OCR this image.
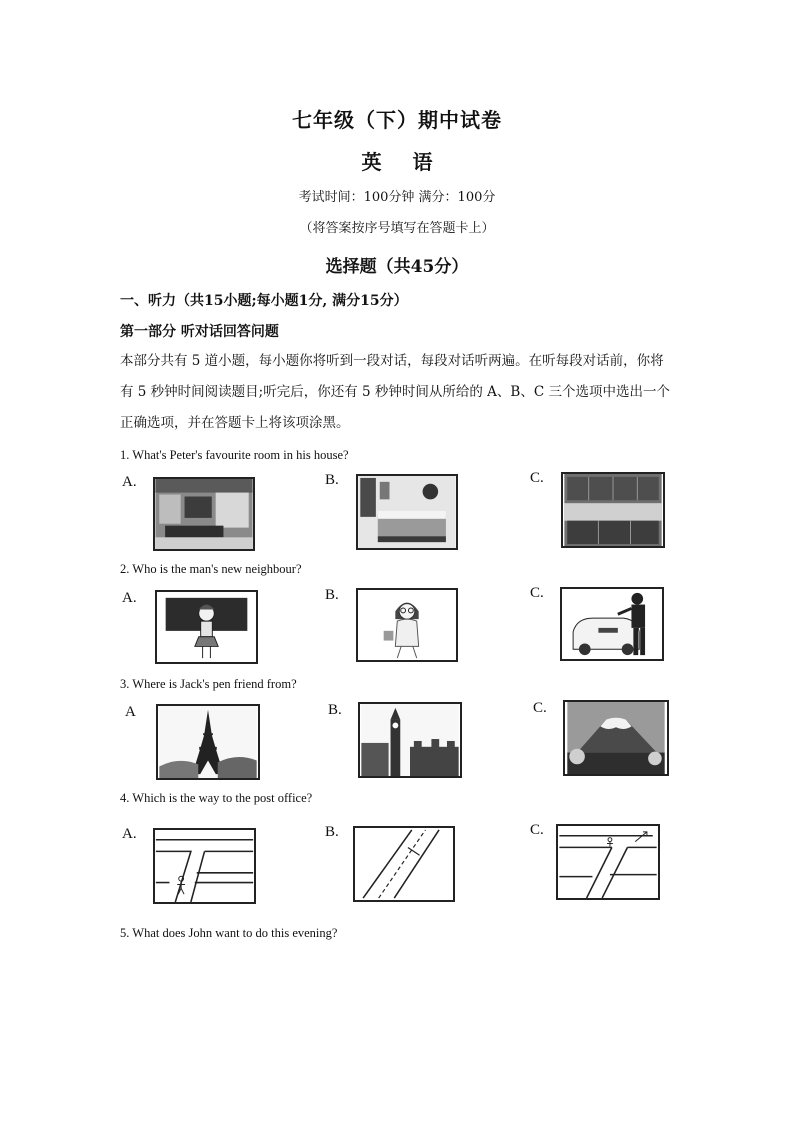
七年级（下）期中试卷
英 语
考试时间：100分钟 满分：100分
（将答案按序号填写在答题卡上）
选择题（共45分）
一、听力（共15小题;每小题1分, 满分15分）
第一部分 听对话回答问题
本部分共有 5 道小题，每小题你将听到一段对话，每段对话听两遍。在听每段对话前，你将
有 5 秒钟时间阅读题目;听完后，你还有 5 秒钟时间从所给的 A、B、C 三个选项中选出一个
正确选项，并在答题卡上将该项涂黑。
1. What's Peter's favourite room in his house?
A.	B.	C.
2. Who is the man's new neighbour?
A.	B.	C.
3. Where is Jack's pen friend from?
A	B.	C.
4. Which is the way to the post office?
A.	B.	C.
5. What does John want to do this evening?
